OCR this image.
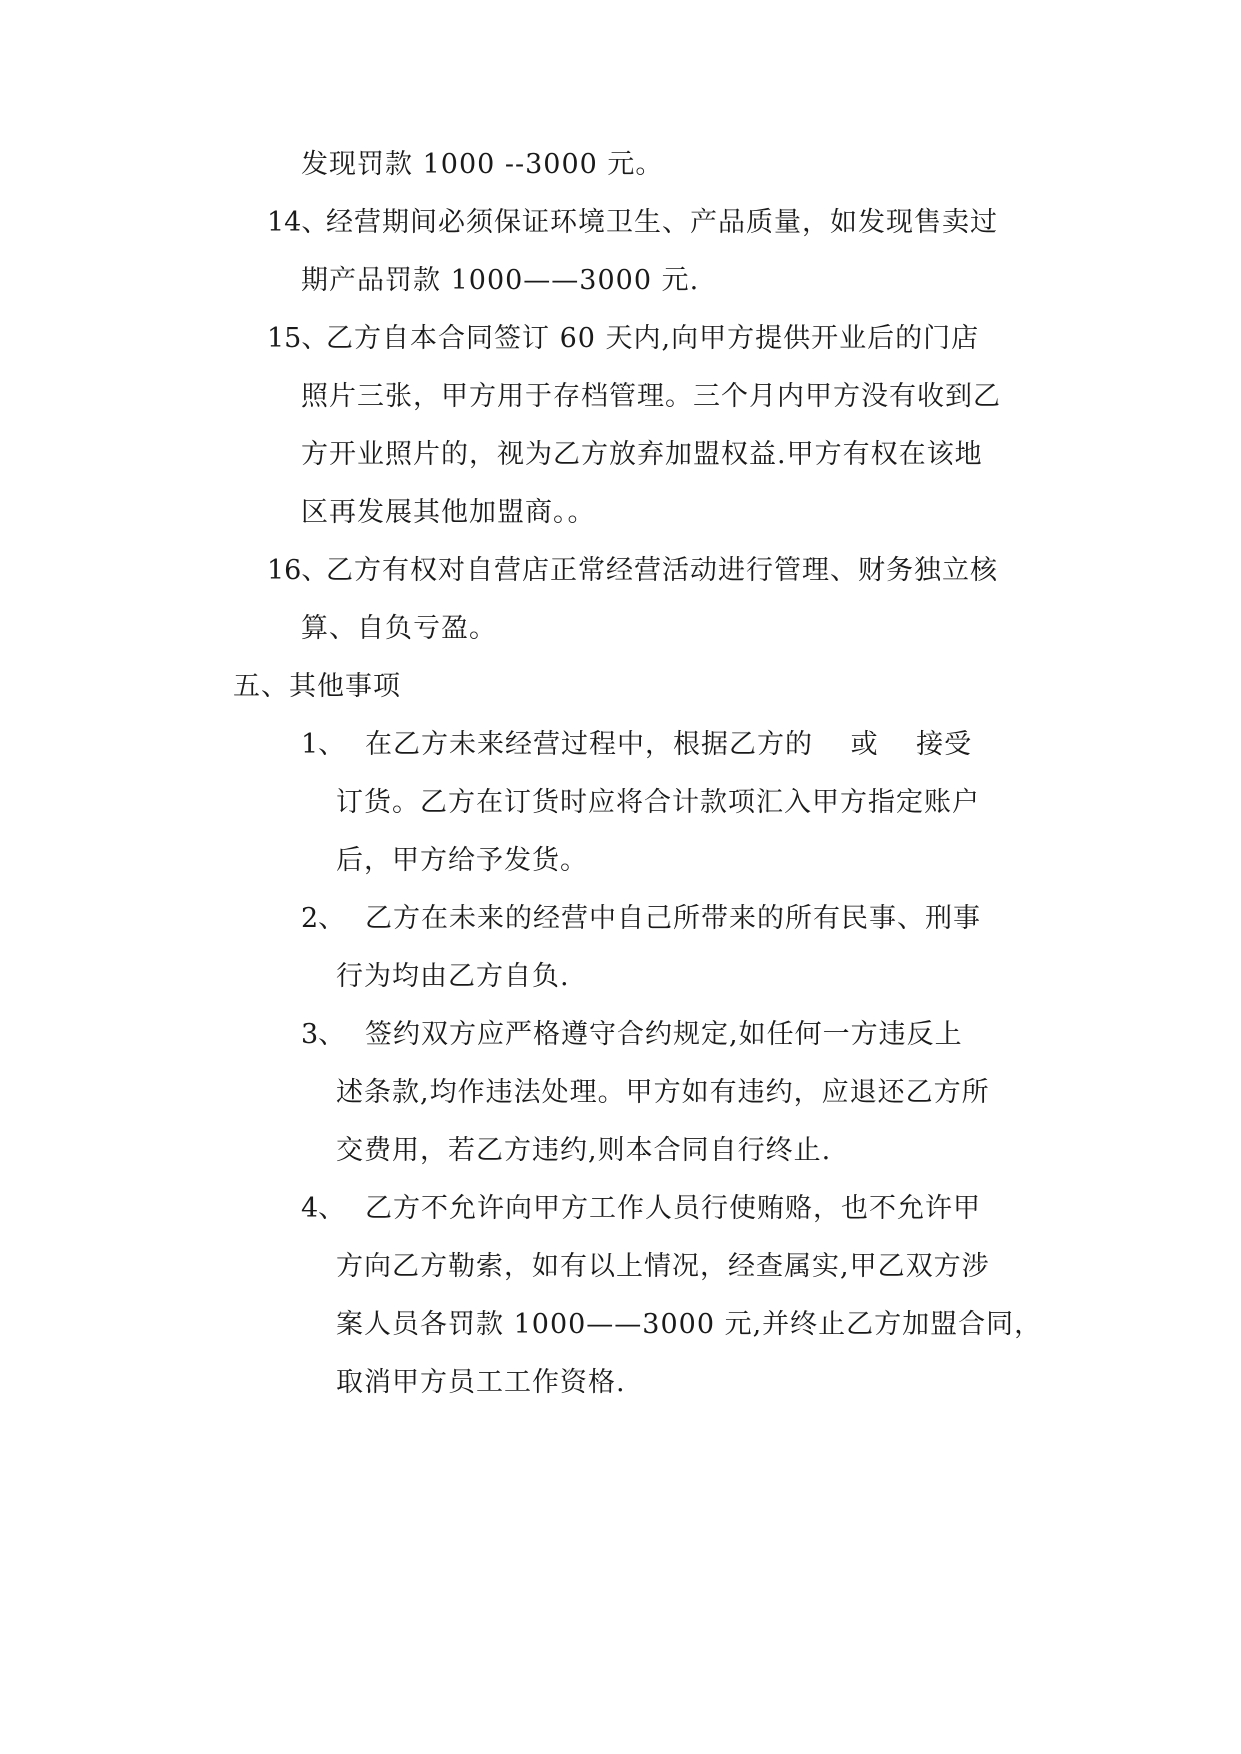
发现罚款 1000 --3000 元。
14、
经营期间必须保证环境卫生、产品质量，如发现售卖过
期产品罚款 1000——3000 元.
15、
乙方自本合同签订 60 天内,向甲方提供开业后的门店
照片三张，甲方用于存档管理。三个月内甲方没有收到乙
方开业照片的，视为乙方放弃加盟权益.甲方有权在该地
区再发展其他加盟商。。
16、
乙方有权对自营店正常经营活动进行管理、财务独立核
算、自负亏盈。
五、其他事项
1、 在乙方未来经营过程中，根据乙方的　 或 　接受
订货。乙方在订货时应将合计款项汇入甲方指定账户
后，甲方给予发货。
2、 乙方在未来的经营中自己所带来的所有民事、刑事
行为均由乙方自负.
3、 签约双方应严格遵守合约规定,如任何一方违反上
述条款,均作违法处理。甲方如有违约，应退还乙方所
交费用，若乙方违约,则本合同自行终止.
4、 乙方不允许向甲方工作人员行使贿赂，也不允许甲
方向乙方勒索，如有以上情况，经查属实,甲乙双方涉
案人员各罚款 1000——3000 元,并终止乙方加盟合同，
取消甲方员工工作资格.
